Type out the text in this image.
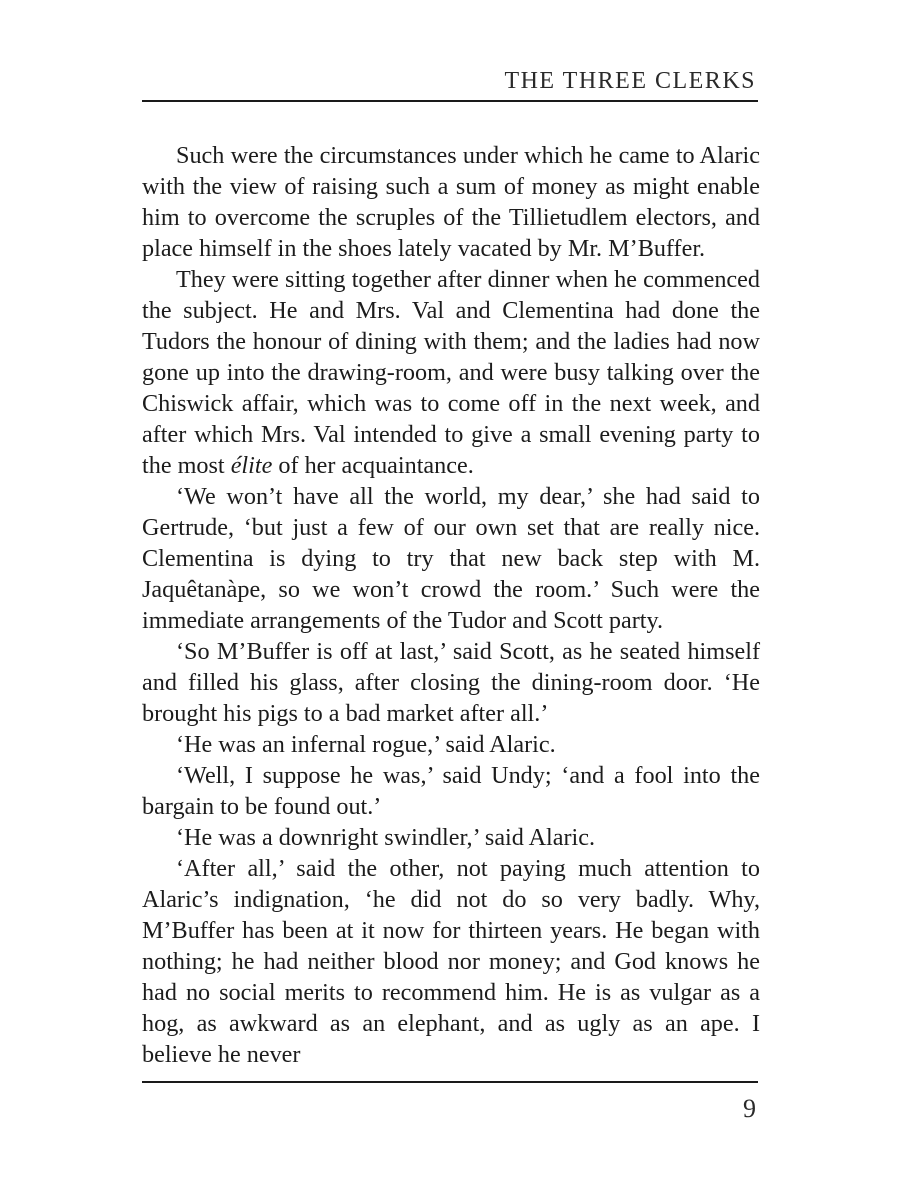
THE THREE CLERKS

Such were the circumstances under which he came to Alaric with the view of raising such a sum of money as might enable him to overcome the scruples of the Tillietudlem electors, and place himself in the shoes lately vacated by Mr. M’Buffer.

They were sitting together after dinner when he commenced the subject. He and Mrs. Val and Clementina had done the Tudors the honour of dining with them; and the ladies had now gone up into the drawing-room, and were busy talking over the Chiswick affair, which was to come off in the next week, and after which Mrs. Val intended to give a small evening party to the most élite of her acquaintance.

‘We won’t have all the world, my dear,’ she had said to Gertrude, ‘but just a few of our own set that are really nice. Clementina is dying to try that new back step with M. Jaquêtanàpe, so we won’t crowd the room.’ Such were the immediate arrangements of the Tudor and Scott party.

‘So M’Buffer is off at last,’ said Scott, as he seated himself and filled his glass, after closing the dining-room door. ‘He brought his pigs to a bad market after all.’

‘He was an infernal rogue,’ said Alaric.

‘Well, I suppose he was,’ said Undy; ‘and a fool into the bargain to be found out.’

‘He was a downright swindler,’ said Alaric.

‘After all,’ said the other, not paying much attention to Alaric’s indignation, ‘he did not do so very badly. Why, M’Buffer has been at it now for thirteen years. He began with nothing; he had neither blood nor money; and God knows he had no social merits to recommend him. He is as vulgar as a hog, as awkward as an elephant, and as ugly as an ape. I believe he never

9
